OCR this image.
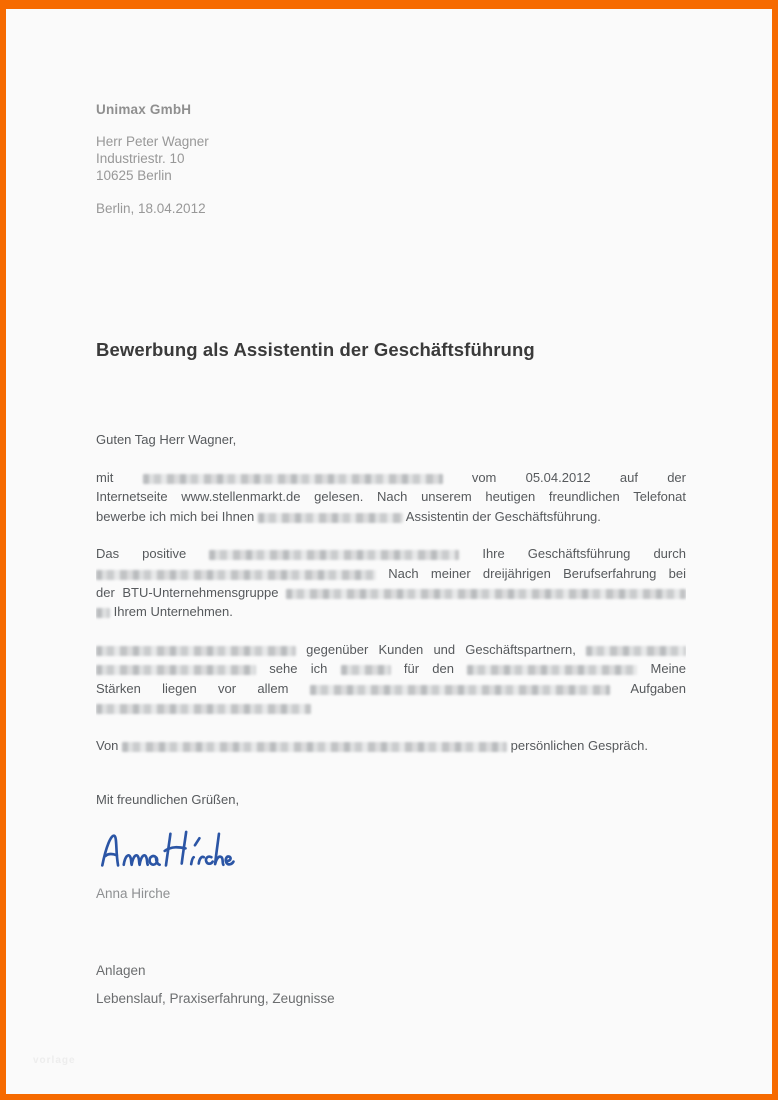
Unimax GmbH
Herr Peter Wagner
Industriestr. 10
10625 Berlin
Berlin, 18.04.2012
Bewerbung als Assistentin der Geschäftsführung
Guten Tag Herr Wagner,
mit	vom 05.04.2012 auf der
Internetseite www.stellenmarkt.de gelesen. Nach unserem heutigen freundlichen Telefonat
bewerbe ich mich bei Ihnen	Assistentin der Geschäftsführung.
Das positive	Ihre Geschäftsführung durch
Nach meiner dreijährigen Berufserfahrung bei
der BTU-Unternehmensgruppe
Ihrem Unternehmen.
gegenüber Kunden und Geschäftspartnern,
sehe ich	für den	Meine
Stärken liegen vor allem	Aufgaben
Von	persönlichen Gespräch.
Mit freundlichen Grüßen,
Anna Hirche
Anlagen
Lebenslauf, Praxiserfahrung, Zeugnisse
vorlage
